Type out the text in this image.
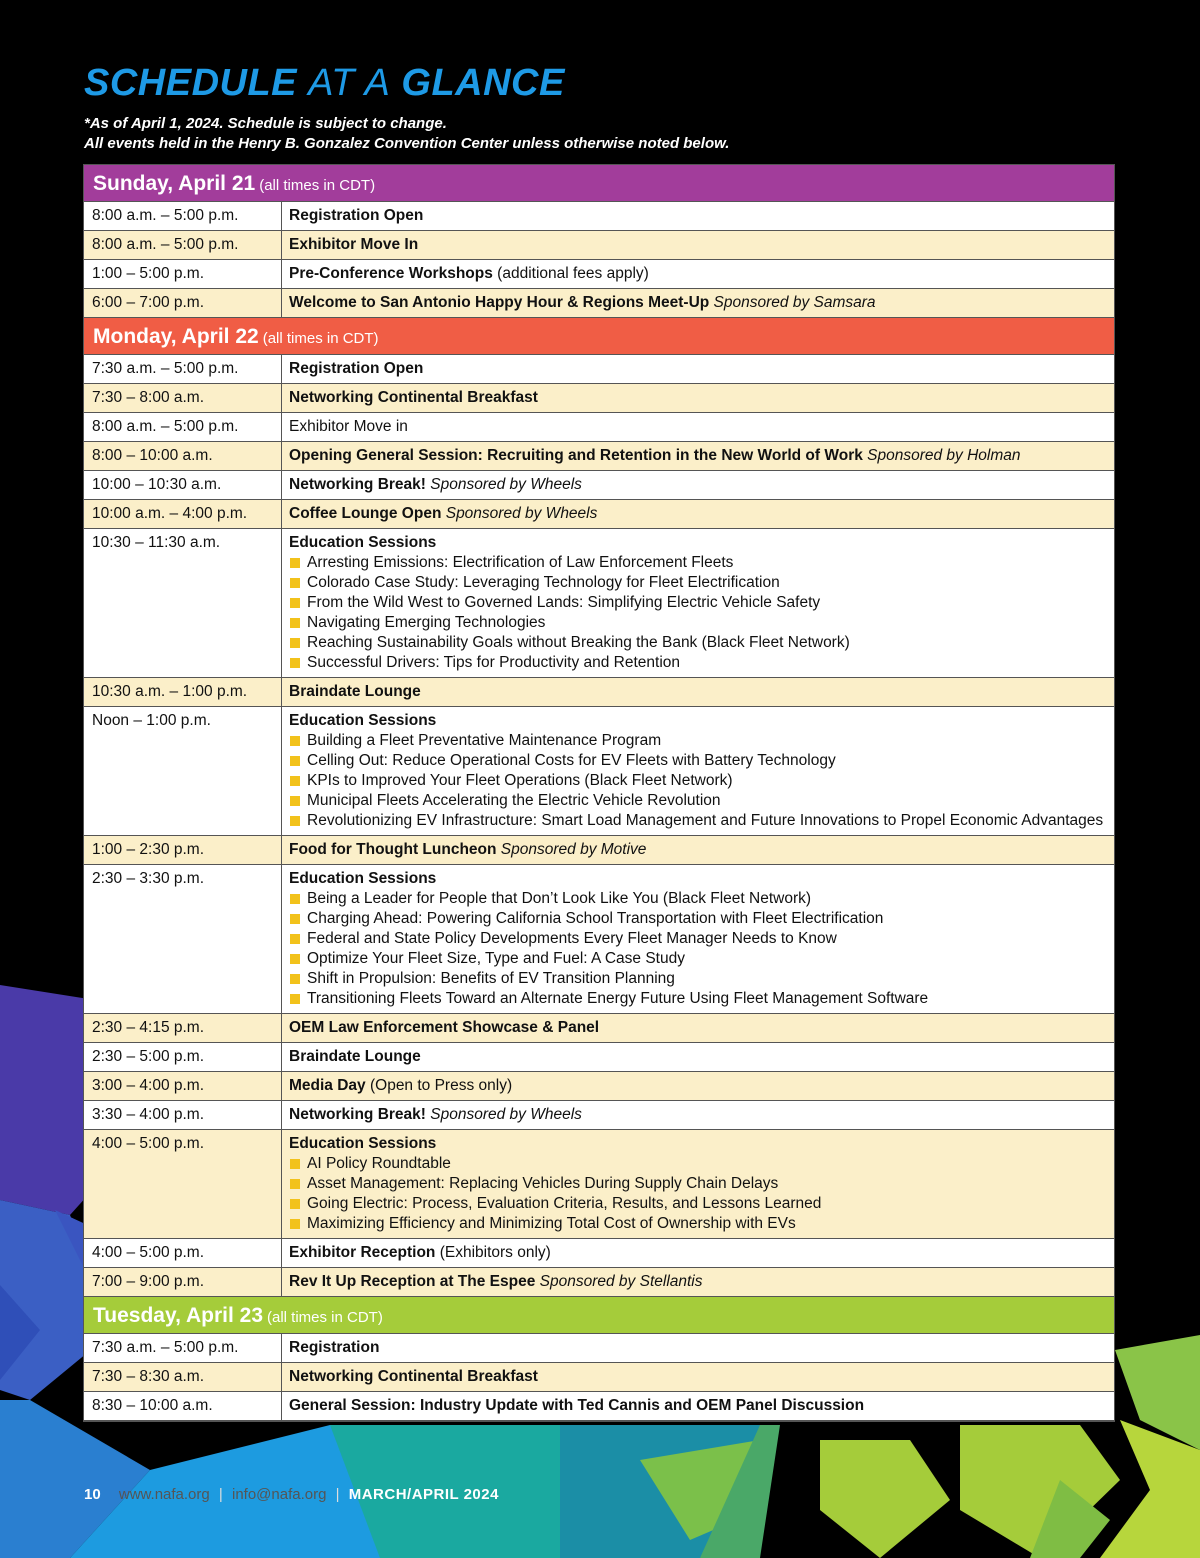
SCHEDULE AT A GLANCE
*As of April 1, 2024. Schedule is subject to change.
All events held in the Henry B. Gonzalez Convention Center unless otherwise noted below.
Sunday, April 21 (all times in CDT)
8:00 a.m. – 5:00 p.m.	Registration Open
8:00 a.m. – 5:00 p.m.	Exhibitor Move In
1:00 – 5:00 p.m.	Pre-Conference Workshops (additional fees apply)
6:00 – 7:00 p.m.	Welcome to San Antonio Happy Hour & Regions Meet-Up Sponsored by Samsara
Monday, April 22 (all times in CDT)
7:30 a.m. – 5:00 p.m.	Registration Open
7:30 – 8:00 a.m.	Networking Continental Breakfast
8:00 a.m. – 5:00 p.m.	Exhibitor Move in
8:00 – 10:00 a.m.	Opening General Session: Recruiting and Retention in the New World of Work Sponsored by Holman
10:00 – 10:30 a.m.	Networking Break! Sponsored by Wheels
10:00 a.m. – 4:00 p.m.	Coffee Lounge Open Sponsored by Wheels
10:30 – 11:30 a.m.	Education Sessions
Arresting Emissions: Electrification of Law Enforcement Fleets
Colorado Case Study: Leveraging Technology for Fleet Electrification
From the Wild West to Governed Lands: Simplifying Electric Vehicle Safety
Navigating Emerging Technologies
Reaching Sustainability Goals without Breaking the Bank (Black Fleet Network)
Successful Drivers: Tips for Productivity and Retention
10:30 a.m. – 1:00 p.m.	Braindate Lounge
Noon – 1:00 p.m.	Education Sessions
Building a Fleet Preventative Maintenance Program
Celling Out: Reduce Operational Costs for EV Fleets with Battery Technology
KPIs to Improved Your Fleet Operations (Black Fleet Network)
Municipal Fleets Accelerating the Electric Vehicle Revolution
Revolutionizing EV Infrastructure: Smart Load Management and Future Innovations to Propel Economic Advantages
1:00 – 2:30 p.m.	Food for Thought Luncheon Sponsored by Motive
2:30 – 3:30 p.m.	Education Sessions
Being a Leader for People that Don’t Look Like You (Black Fleet Network)
Charging Ahead: Powering California School Transportation with Fleet Electrification
Federal and State Policy Developments Every Fleet Manager Needs to Know
Optimize Your Fleet Size, Type and Fuel: A Case Study
Shift in Propulsion: Benefits of EV Transition Planning
Transitioning Fleets Toward an Alternate Energy Future Using Fleet Management Software
2:30 – 4:15 p.m.	OEM Law Enforcement Showcase & Panel
2:30 – 5:00 p.m.	Braindate Lounge
3:00 – 4:00 p.m.	Media Day (Open to Press only)
3:30 – 4:00 p.m.	Networking Break! Sponsored by Wheels
4:00 – 5:00 p.m.	Education Sessions
AI Policy Roundtable
Asset Management: Replacing Vehicles During Supply Chain Delays
Going Electric: Process, Evaluation Criteria, Results, and Lessons Learned
Maximizing Efficiency and Minimizing Total Cost of Ownership with EVs
4:00 – 5:00 p.m.	Exhibitor Reception (Exhibitors only)
7:00 – 9:00 p.m.	Rev It Up Reception at The Espee Sponsored by Stellantis
Tuesday, April 23 (all times in CDT)
7:30 a.m. – 5:00 p.m.	Registration
7:30 – 8:30 a.m.	Networking Continental Breakfast
8:30 – 10:00 a.m.	General Session: Industry Update with Ted Cannis and OEM Panel Discussion
10 www.nafa.org | info@nafa.org | MARCH/APRIL 2024
